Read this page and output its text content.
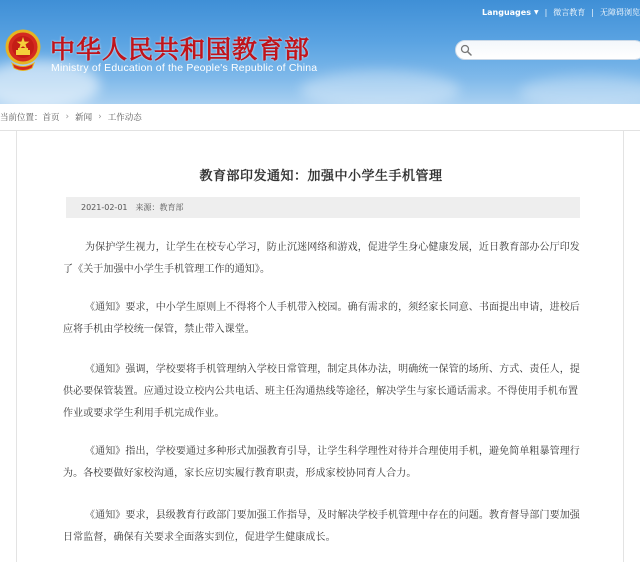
中华人民共和国教育部
Ministry of Education of the People's Republic of China
Languages ▼ | 微言教育 | 无障碍浏览
当前位置： 首页 › 新闻 › 工作动态
教育部印发通知：加强中小学生手机管理
2021-02-01 来源：教育部

为保护学生视力，让学生在校专心学习，防止沉迷网络和游戏，促进学生身心健康发展，近日教育部办公厅印发了《关于加强中小学生手机管理工作的通知》。

《通知》要求，中小学生原则上不得将个人手机带入校园。确有需求的，须经家长同意、书面提出申请，进校后应将手机由学校统一保管，禁止带入课堂。

《通知》强调，学校要将手机管理纳入学校日常管理，制定具体办法，明确统一保管的场所、方式、责任人，提供必要保管装置。应通过设立校内公共电话、班主任沟通热线等途径，解决学生与家长通话需求。不得使用手机布置作业或要求学生利用手机完成作业。

《通知》指出，学校要通过多种形式加强教育引导，让学生科学理性对待并合理使用手机，避免简单粗暴管理行为。各校要做好家校沟通，家长应切实履行教育职责，形成家校协同育人合力。

《通知》要求，县级教育行政部门要加强工作指导，及时解决学校手机管理中存在的问题。教育督导部门要加强日常监督，确保有关要求全面落实到位，促进学生健康成长。
